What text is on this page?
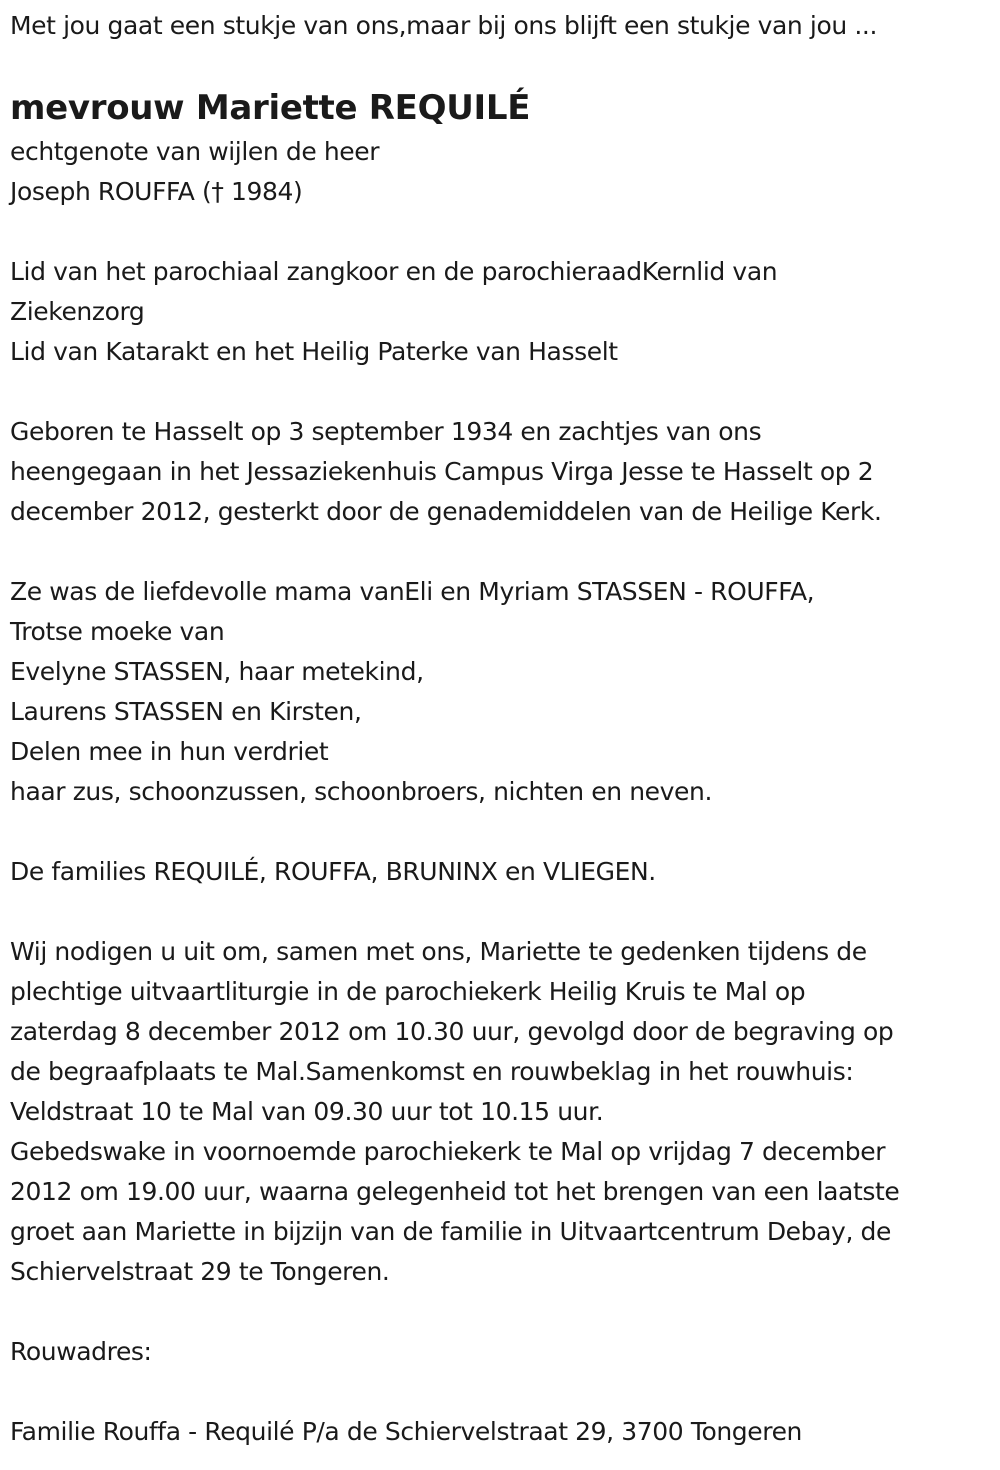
Met jou gaat een stukje van ons,maar bij ons blijft een stukje van jou ...
mevrouw Mariette REQUILÉ
echtgenote van wijlen de heer
Joseph ROUFFA († 1984)
Lid van het parochiaal zangkoor en de parochieraadKernlid van
Ziekenzorg
Lid van Katarakt en het Heilig Paterke van Hasselt
Geboren te Hasselt op 3 september 1934 en zachtjes van ons
heengegaan in het Jessaziekenhuis Campus Virga Jesse te Hasselt op 2
december 2012, gesterkt door de genademiddelen van de Heilige Kerk.
Ze was de liefdevolle mama vanEli en Myriam STASSEN - ROUFFA,
Trotse moeke van
Evelyne STASSEN, haar metekind,
Laurens STASSEN en Kirsten,
Delen mee in hun verdriet
haar zus, schoonzussen, schoonbroers, nichten en neven.
De families REQUILÉ, ROUFFA, BRUNINX en VLIEGEN.
Wij nodigen u uit om, samen met ons, Mariette te gedenken tijdens de
plechtige uitvaartliturgie in de parochiekerk Heilig Kruis te Mal op
zaterdag 8 december 2012 om 10.30 uur, gevolgd door de begraving op
de begraafplaats te Mal.Samenkomst en rouwbeklag in het rouwhuis:
Veldstraat 10 te Mal van 09.30 uur tot 10.15 uur.
Gebedswake in voornoemde parochiekerk te Mal op vrijdag 7 december
2012 om 19.00 uur, waarna gelegenheid tot het brengen van een laatste
groet aan Mariette in bijzijn van de familie in Uitvaartcentrum Debay, de
Schiervelstraat 29 te Tongeren.
Rouwadres:
Familie Rouffa - Requilé P/a de Schiervelstraat 29, 3700 Tongeren
